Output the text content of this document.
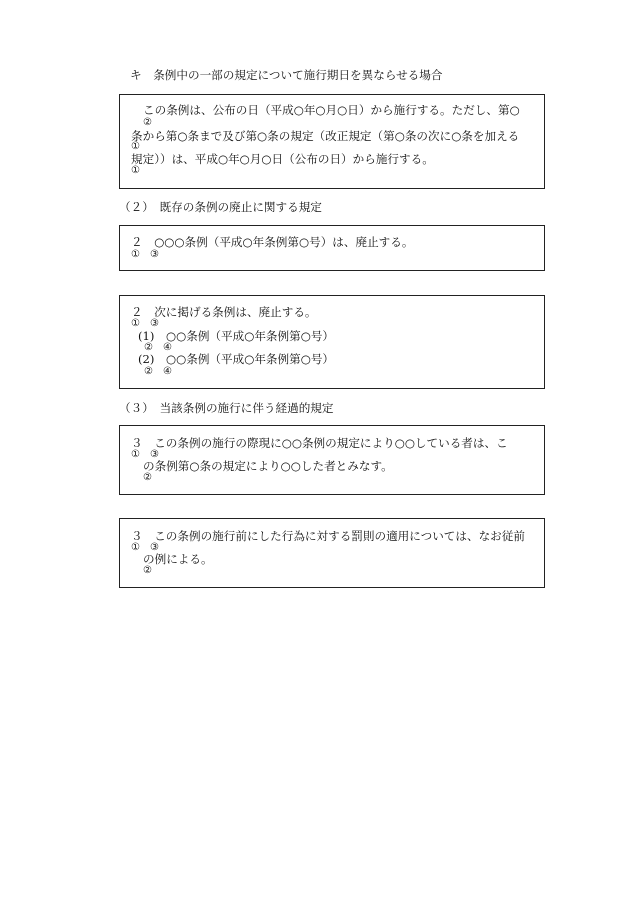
キ　条例中の一部の規定について施行期日を異ならせる場合
この条例は、公布の日（平成○年○月○日）から施行する。ただし、第○
②
条から第○条まで及び第○条の規定（改正規定（第○条の次に○条を加える
①
規定））は、平成○年○月○日（公布の日）から施行する。
①
（２）　既存の条例の廃止に関する規定
２　○○○条例（平成○年条例第○号）は、廃止する。
①　③
２　次に掲げる条例は、廃止する。
①　③
(1)　○○条例（平成○年条例第○号）
②　④
(2)　○○条例（平成○年条例第○号）
②　④
（３）　当該条例の施行に伴う経過的規定
３　この条例の施行の際現に○○条例の規定により○○している者は、こ
①　③
の条例第○条の規定により○○した者とみなす。
②
３　この条例の施行前にした行為に対する罰則の適用については、なお従前
①　③
の例による。
②
